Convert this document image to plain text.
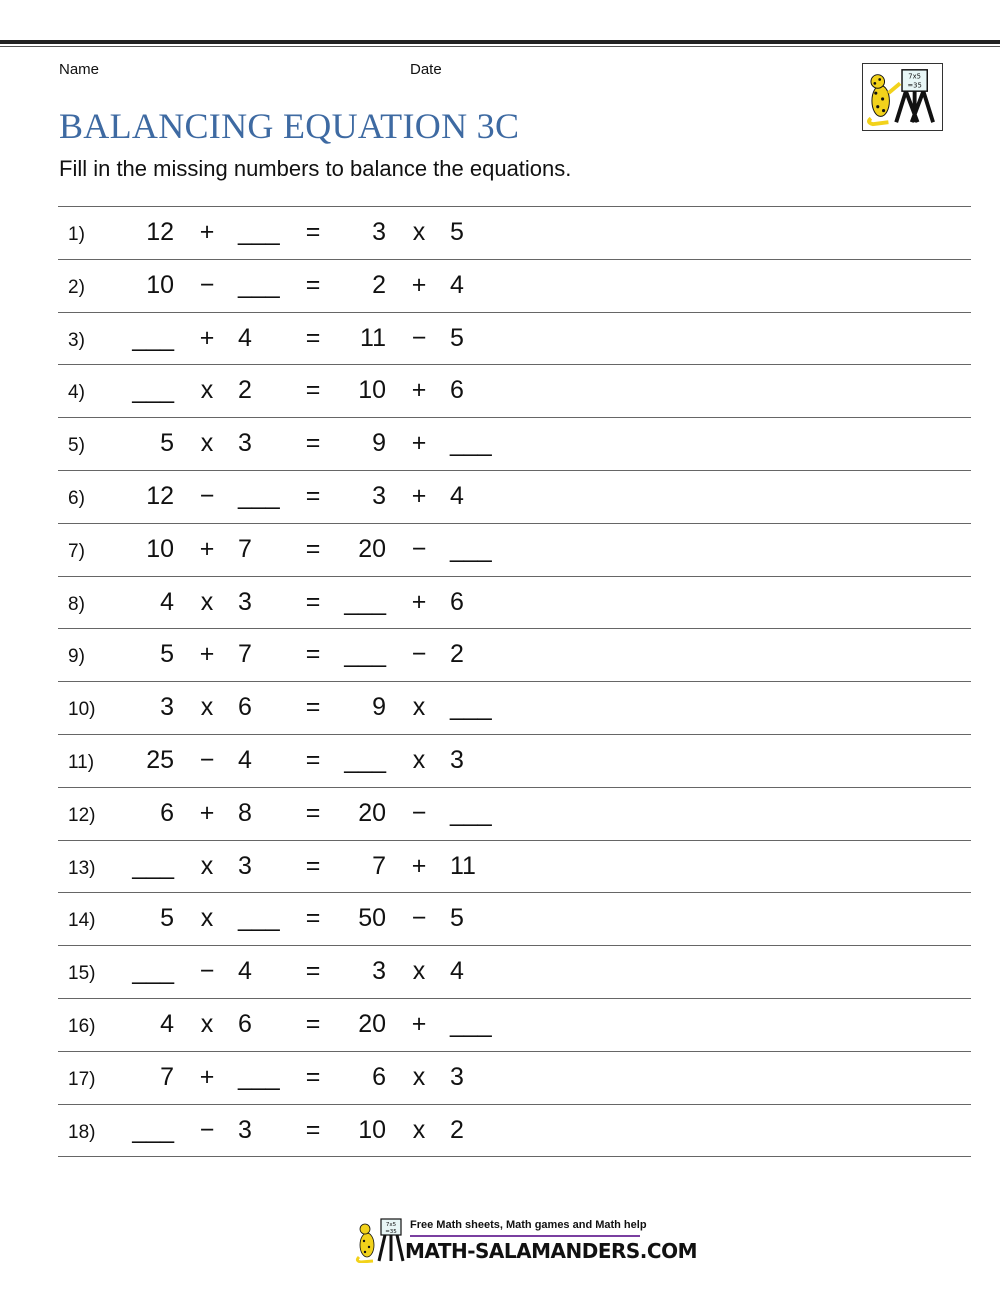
Name	Date	7x5
=35
BALANCING EQUATION 3C
Fill in the missing numbers to balance the equations.
1)	12 + ___ =	3 x 5
2)	10 − ___ =	2 + 4
3) ___ + 4	=	11 − 5
4) ___ x 2	=	10 + 6
5)	5 x 3	=	9 + ___
6)	12 − ___ =	3 + 4
7)	10 + 7	=	20 − ___
8)	4 x 3	= ___ + 6
9)	5 + 7	= ___ − 2
10)	3 x 6	=	9 x ___
11)	25 − 4	= ___ x 3
12)	6 + 8	=	20 − ___
13) ___ x 3	=	7 + 11
14)	5 x ___ =	50 − 5
15) ___ − 4	=	3 x 4
16)	4 x 6	=	20 + ___
17)	7 + ___ =	6 x 3
18) ___ − 3	=	10 x 2
7x5
=35
Free Math sheets, Math games and Math help
MATH-SALAMANDERS.COM
